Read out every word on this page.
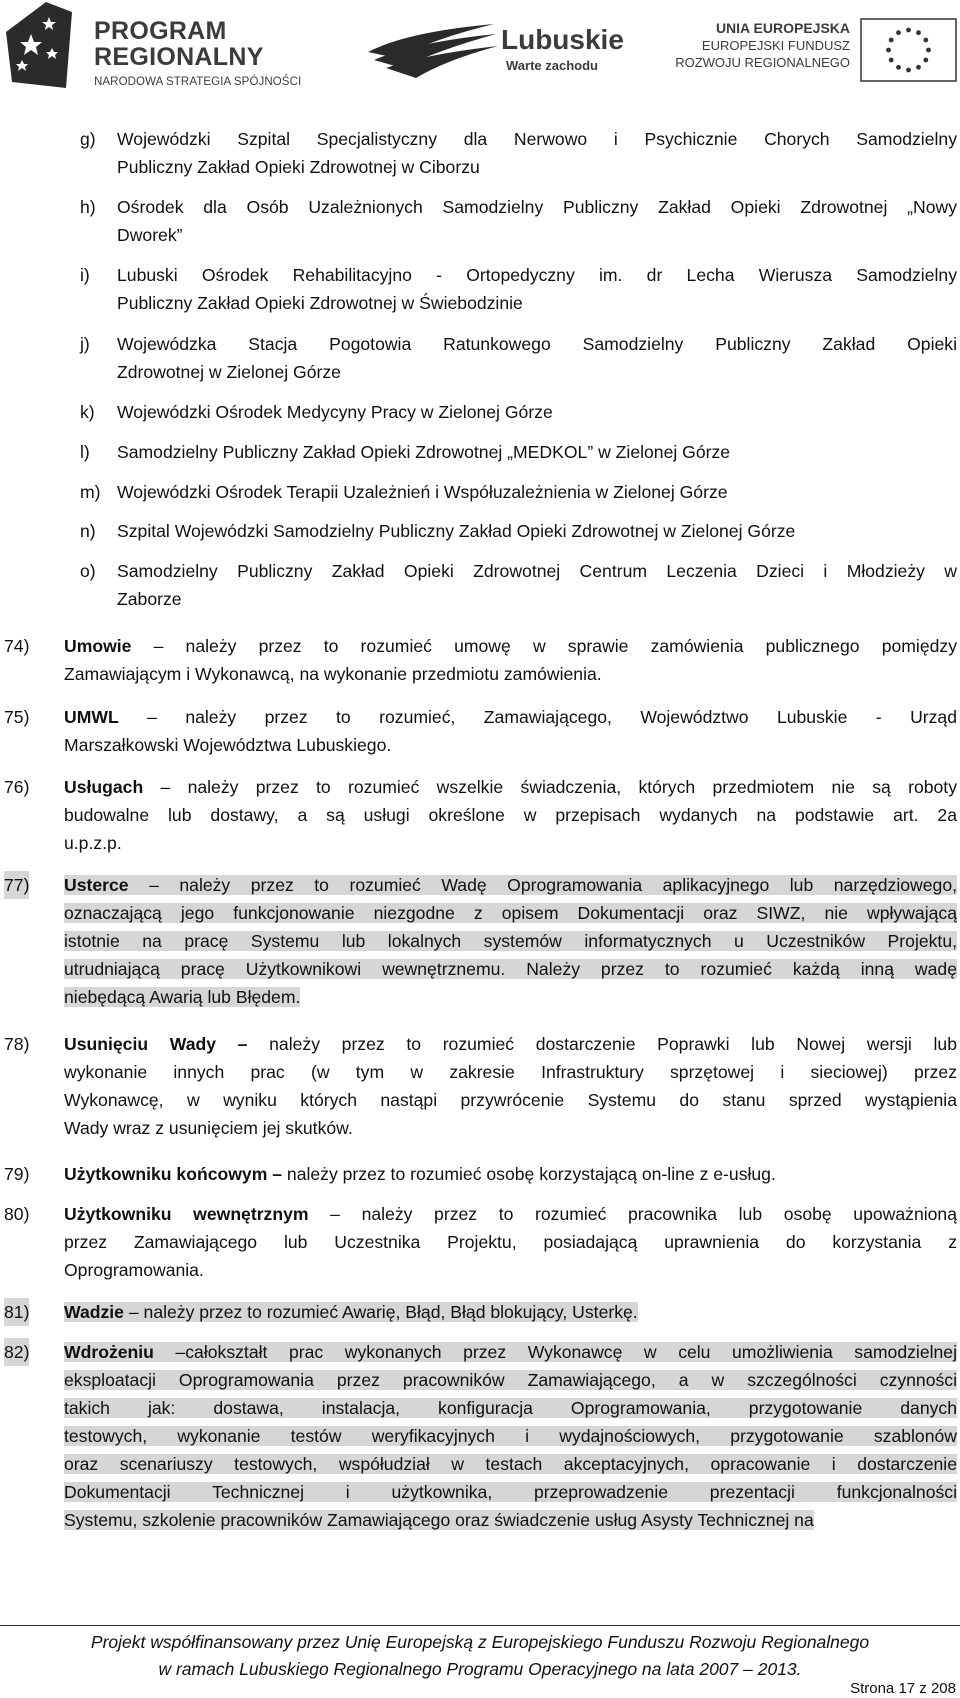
PROGRAM
REGIONALNY
NARODOWA STRATEGIA SPÓJNOŚCI
Lubuskie
Warte zachodu
UNIA EUROPEJSKA
EUROPEJSKI FUNDUSZ
ROZWOJU REGIONALNEGO
g) Wojewódzki Szpital Specjalistyczny dla Nerwowo i Psychicznie Chorych Samodzielny
Publiczny Zakład Opieki Zdrowotnej w Ciborzu
h) Ośrodek dla Osób Uzależnionych Samodzielny Publiczny Zakład Opieki Zdrowotnej „Nowy
Dworek”
i) Lubuski Ośrodek Rehabilitacyjno - Ortopedyczny im. dr Lecha Wierusza Samodzielny
Publiczny Zakład Opieki Zdrowotnej w Świebodzinie
j) Wojewódzka Stacja Pogotowia Ratunkowego Samodzielny Publiczny Zakład Opieki
Zdrowotnej w Zielonej Górze
k) Wojewódzki Ośrodek Medycyny Pracy w Zielonej Górze
l) Samodzielny Publiczny Zakład Opieki Zdrowotnej „MEDKOL” w Zielonej Górze
m) Wojewódzki Ośrodek Terapii Uzależnień i Współuzależnienia w Zielonej Górze
n) Szpital Wojewódzki Samodzielny Publiczny Zakład Opieki Zdrowotnej w Zielonej Górze
o) Samodzielny Publiczny Zakład Opieki Zdrowotnej Centrum Leczenia Dzieci i Młodzieży w
Zaborze
74) Umowie – należy przez to rozumieć umowę w sprawie zamówienia publicznego pomiędzy
Zamawiającym i Wykonawcą, na wykonanie przedmiotu zamówienia.
75) UMWL – należy przez to rozumieć, Zamawiającego, Województwo Lubuskie - Urząd
Marszałkowski Województwa Lubuskiego.
76) Usługach – należy przez to rozumieć wszelkie świadczenia, których przedmiotem nie są roboty
budowalne lub dostawy, a są usługi określone w przepisach wydanych na podstawie art. 2a
u.p.z.p.
77) Usterce – należy przez to rozumieć Wadę Oprogramowania aplikacyjnego lub narzędziowego,
oznaczającą jego funkcjonowanie niezgodne z opisem Dokumentacji oraz SIWZ, nie wpływającą
istotnie na pracę Systemu lub lokalnych systemów informatycznych u Uczestników Projektu,
utrudniającą pracę Użytkownikowi wewnętrznemu. Należy przez to rozumieć każdą inną wadę
niebędącą Awarią lub Błędem.
78) Usunięciu Wady – należy przez to rozumieć dostarczenie Poprawki lub Nowej wersji lub
wykonanie innych prac (w tym w zakresie Infrastruktury sprzętowej i sieciowej) przez
Wykonawcę, w wyniku których nastąpi przywrócenie Systemu do stanu sprzed wystąpienia
Wady wraz z usunięciem jej skutków.
79) Użytkowniku końcowym – należy przez to rozumieć osobę korzystającą on-line z e-usług.
80) Użytkowniku wewnętrznym – należy przez to rozumieć pracownika lub osobę upoważnioną
przez Zamawiającego lub Uczestnika Projektu, posiadającą uprawnienia do korzystania z
Oprogramowania.
81) Wadzie – należy przez to rozumieć Awarię, Błąd, Błąd blokujący, Usterkę.
82) Wdrożeniu –całokształt prac wykonanych przez Wykonawcę w celu umożliwienia samodzielnej
eksploatacji Oprogramowania przez pracowników Zamawiającego, a w szczególności czynności
takich jak: dostawa, instalacja, konfiguracja Oprogramowania, przygotowanie danych
testowych, wykonanie testów weryfikacyjnych i wydajnościowych, przygotowanie szablonów
oraz scenariuszy testowych, współudział w testach akceptacyjnych, opracowanie i dostarczenie
Dokumentacji Technicznej i użytkownika, przeprowadzenie prezentacji funkcjonalności
Systemu, szkolenie pracowników Zamawiającego oraz świadczenie usług Asysty Technicznej na
Projekt współfinansowany przez Unię Europejską z Europejskiego Funduszu Rozwoju Regionalnego
w ramach Lubuskiego Regionalnego Programu Operacyjnego na lata 2007 – 2013.
Strona 17 z 208
